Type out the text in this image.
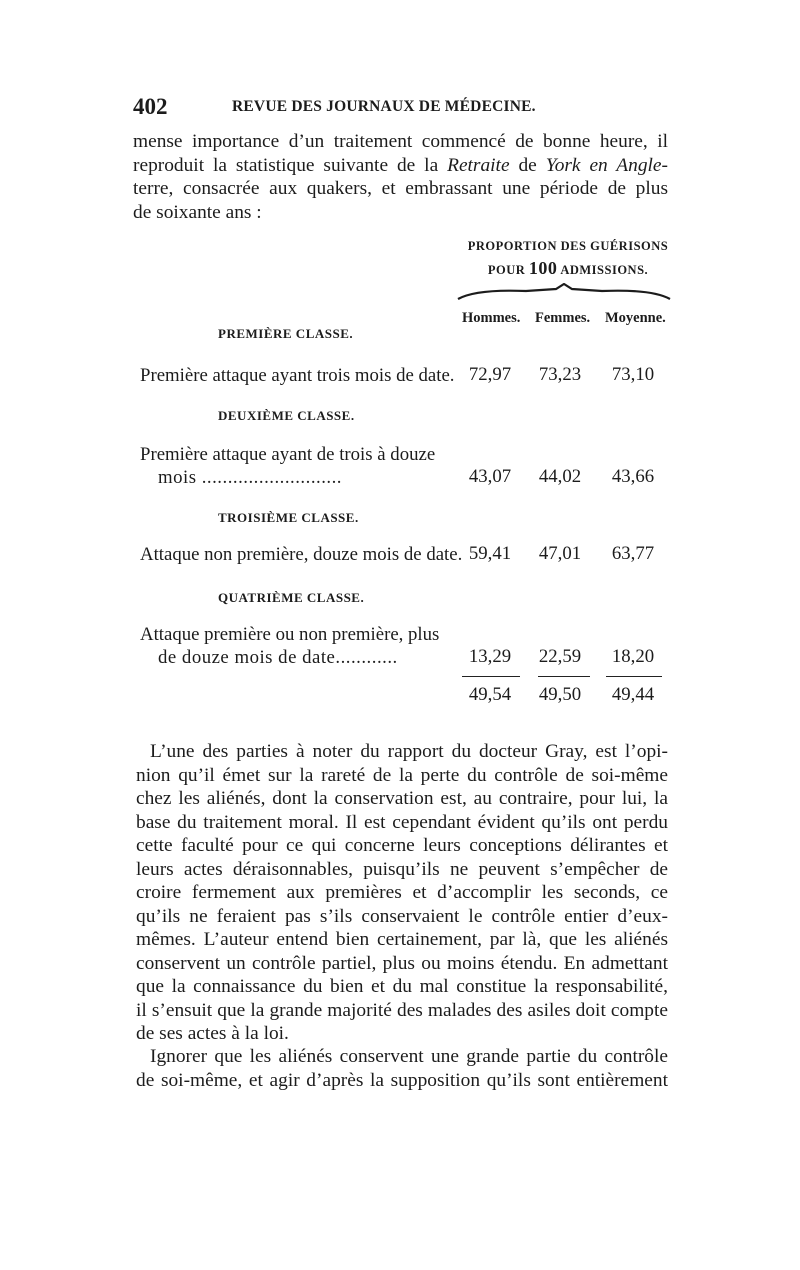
402	REVUE DES JOURNAUX DE MÉDECINE.

mense importance d’un traitement commencé de bonne heure, il

reproduit la statistique suivante de la Retraite de York en Angle-

terre, consacrée aux quakers, et embrassant une période de plus

de soixante ans :

PROPORTION DES GUÉRISONS
POUR 100 ADMISSIONS.
Hommes. Femmes. Moyenne.
PREMIÈRE CLASSE.
Première attaque ayant trois mois de date. 72,97	73,23	73,10
DEUXIÈME CLASSE.
Première attaque ayant de trois à douze
mois ...........................	43,07	44,02	43,66
TROISIÈME CLASSE.
Attaque non première, douze mois de date. 59,41	47,01	63,77
QUATRIÈME CLASSE.
Attaque première ou non première, plus
de douze mois de date............	13,29	22,59	18,20
49,54	49,50	49,44

L’une des parties à noter du rapport du docteur Gray, est l’opi-

nion qu’il émet sur la rareté de la perte du contrôle de soi-même

chez les aliénés, dont la conservation est, au contraire, pour lui, la

base du traitement moral. Il est cependant évident qu’ils ont perdu

cette faculté pour ce qui concerne leurs conceptions délirantes et

leurs actes déraisonnables, puisqu’ils ne peuvent s’empêcher de

croire fermement aux premières et d’accomplir les seconds, ce

qu’ils ne feraient pas s’ils conservaient le contrôle entier d’eux-

mêmes. L’auteur entend bien certainement, par là, que les aliénés

conservent un contrôle partiel, plus ou moins étendu. En admettant

que la connaissance du bien et du mal constitue la responsabilité,

il s’ensuit que la grande majorité des malades des asiles doit compte

de ses actes à la loi.

Ignorer que les aliénés conservent une grande partie du contrôle

de soi-même, et agir d’après la supposition qu’ils sont entièrement
